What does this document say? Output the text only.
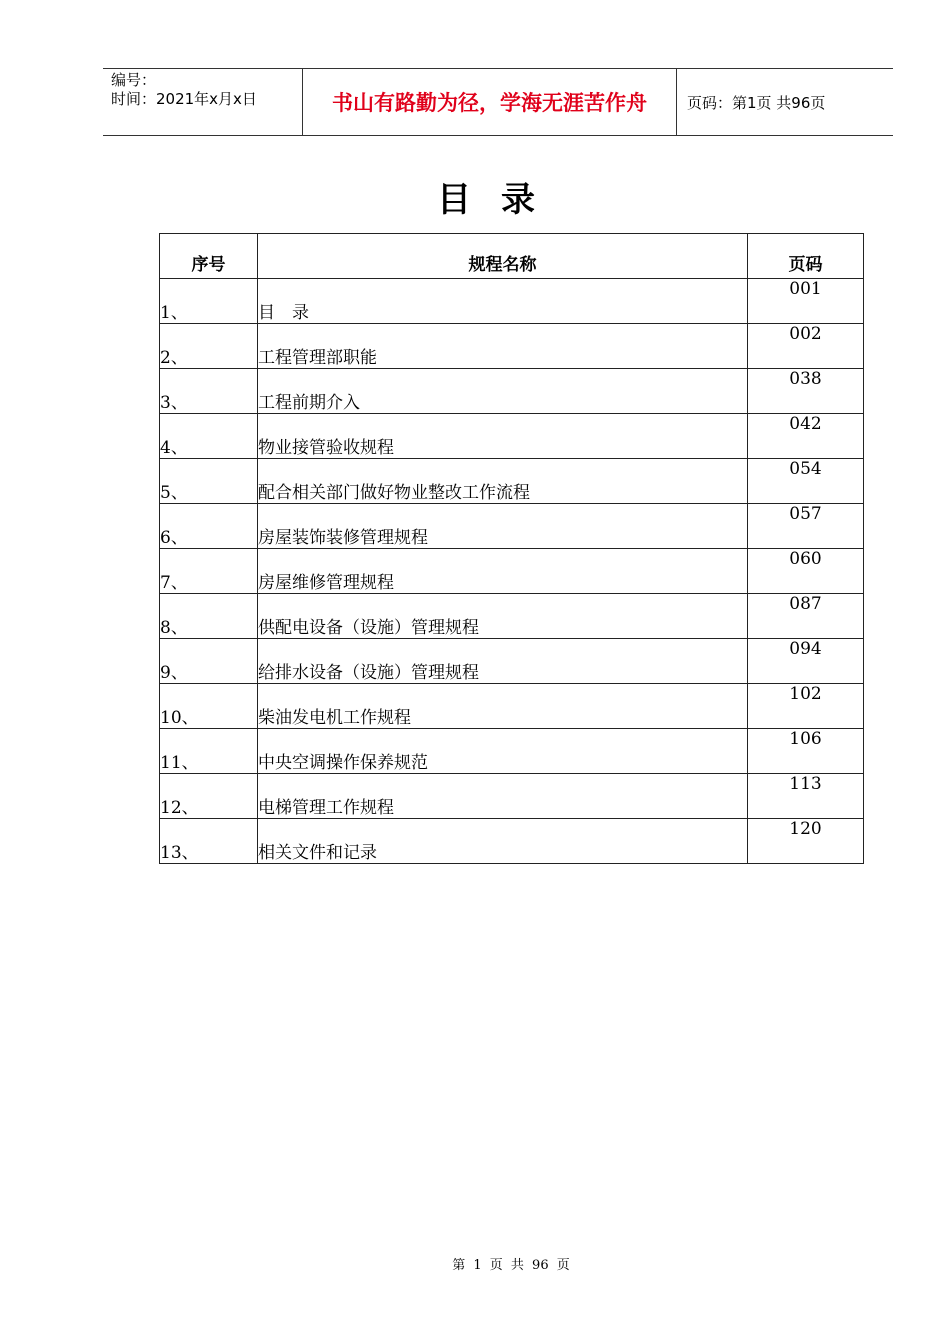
编号：
时间：2021年x月x日	书山有路勤为径，学海无涯苦作舟	页码：第1页 共96页
目录
序号	规程名称	页码
1、	目　录	001
2、	工程管理部职能	002
3、	工程前期介入	038
4、	物业接管验收规程	042
5、	配合相关部门做好物业整改工作流程	054
6、	房屋装饰装修管理规程	057
7、	房屋维修管理规程	060
8、	供配电设备（设施）管理规程	087
9、	给排水设备（设施）管理规程	094
10、	柴油发电机工作规程	102
11、	中央空调操作保养规范	106
12、	电梯管理工作规程	113
13、	相关文件和记录	120
第 1 页 共 96 页
